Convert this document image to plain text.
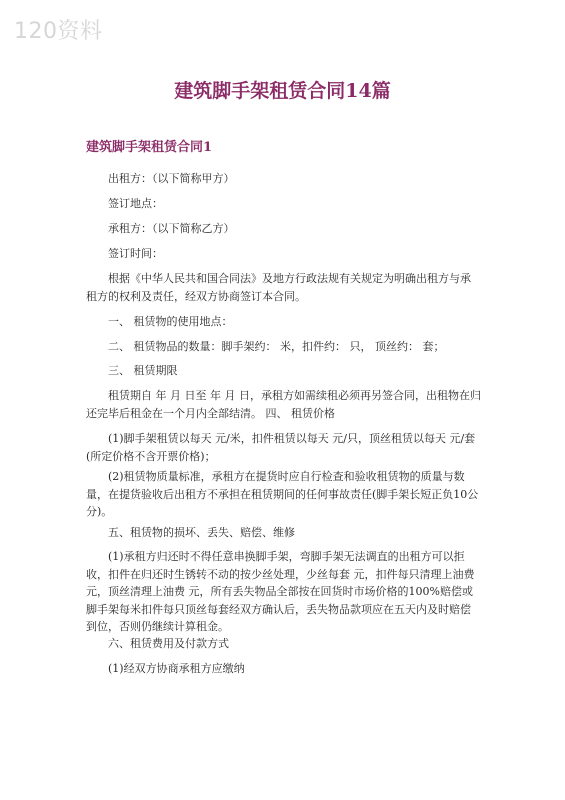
120资料
建筑脚手架租赁合同14篇
建筑脚手架租赁合同1

出租方：（以下简称甲方）

签订地点：

承租方：（以下简称乙方）

签订时间：

根据《中华人民共和国合同法》及地方行政法规有关规定为明确出租方与承租方的权利及责任，经双方协商签订本合同。

一、 租赁物的使用地点：

二、 租赁物品的数量：脚手架约： 米，扣件约： 只， 顶丝约： 套；

三、 租赁期限

租赁期自 年 月 日至 年 月 日，承租方如需续租必须再另签合同，出租物在归还完毕后租金在一个月内全部结清。 四、 租赁价格

(1)脚手架租赁以每天 元/米，扣件租赁以每天 元/只，顶丝租赁以每天 元/套(所定价格不含开票价格)；

(2)租赁物质量标准，承租方在提货时应自行检查和验收租赁物的质量与数量，在提货验收后出租方不承担在租赁期间的任何事故责任(脚手架长短正负10公分)。

五、租赁物的损坏、丢失、赔偿、维修

(1)承租方归还时不得任意串换脚手架，弯脚手架无法调直的出租方可以拒收，扣件在归还时生锈转不动的按少丝处理，少丝每套 元，扣件每只清理上油费 元，顶丝清理上油费 元，所有丢失物品全部按在回货时市场价格的100%赔偿或脚手架每米扣件每只顶丝每套经双方确认后，丢失物品款项应在五天内及时赔偿到位，否则仍继续计算租金。

六、租赁费用及付款方式

(1)经双方协商承租方应缴纳
